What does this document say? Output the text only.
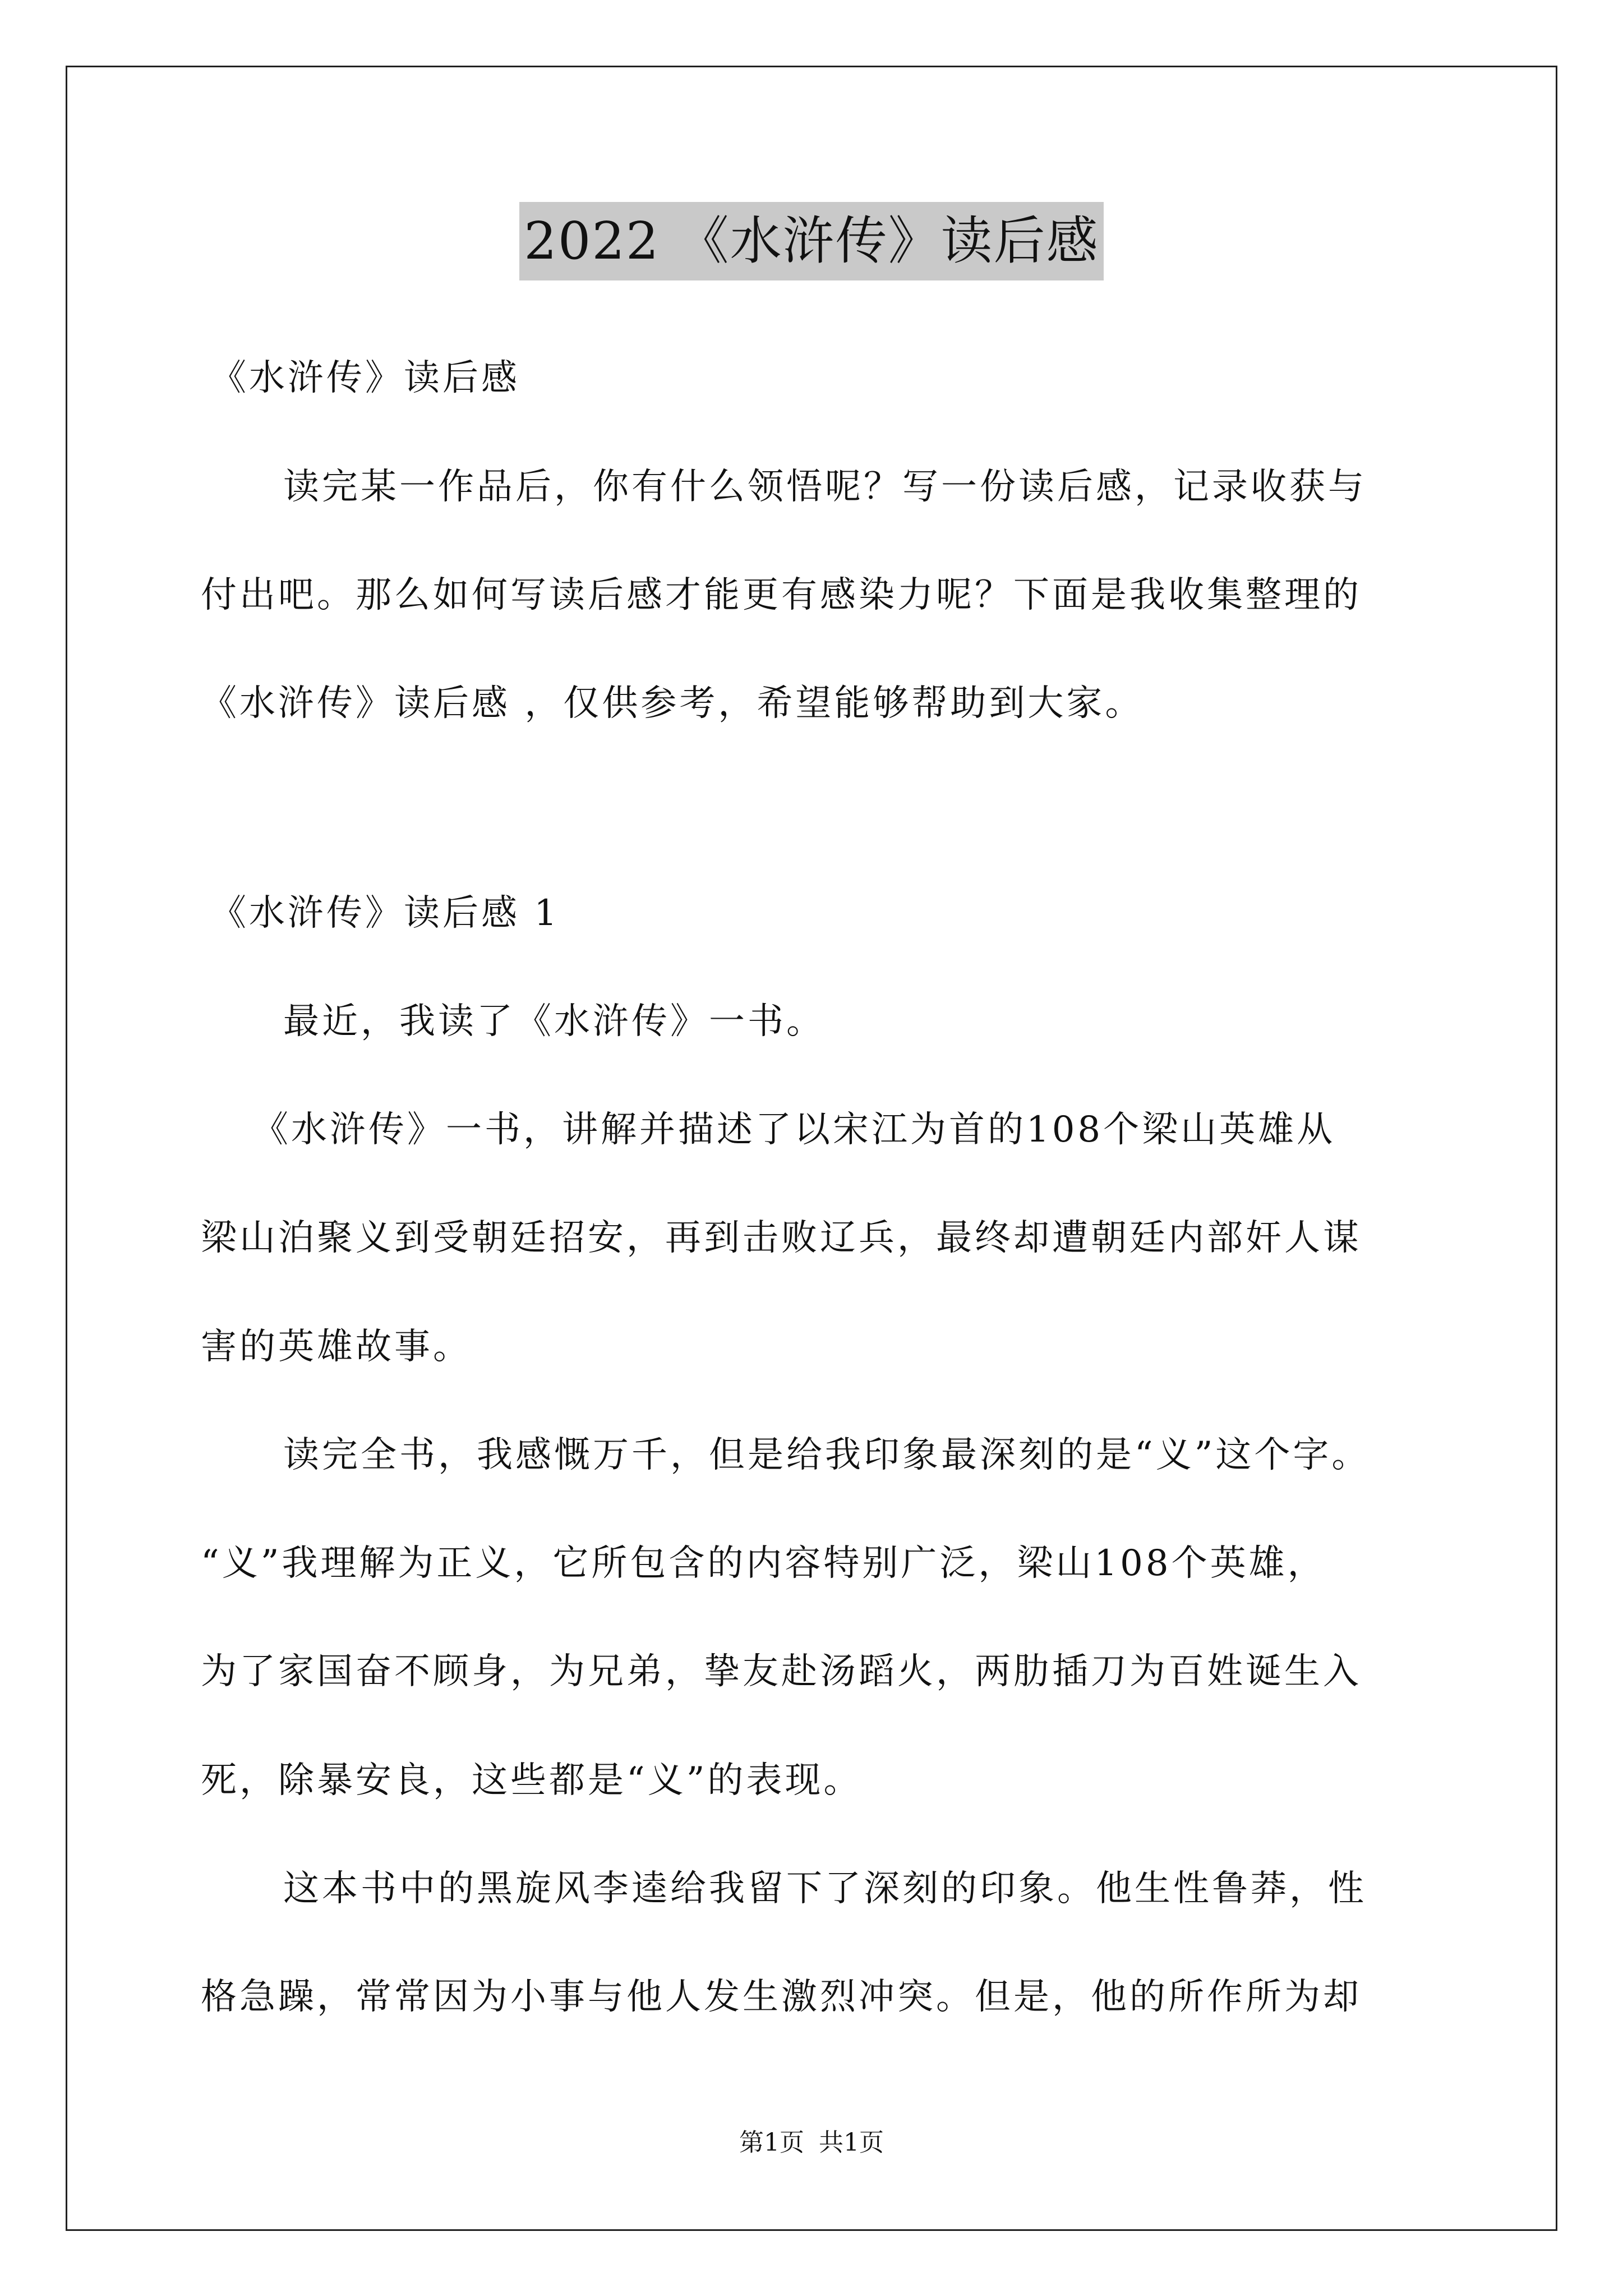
2022 《水浒传》读后感
《水浒传》读后感
读完某一作品后，你有什么领悟呢？写一份读后感，记录收获与
付出吧。那么如何写读后感才能更有感染力呢？下面是我收集整理的
《水浒传》读后感 ，仅供参考，希望能够帮助到大家。
《水浒传》读后感 1
最近，我读了《水浒传》一书。
《水浒传》一书，讲解并描述了以宋江为首的108个梁山英雄从
梁山泊聚义到受朝廷招安，再到击败辽兵，最终却遭朝廷内部奸人谋
害的英雄故事。
读完全书，我感慨万千，但是给我印象最深刻的是“义”这个字。
“义”我理解为正义，它所包含的内容特别广泛，梁山108个英雄，
为了家国奋不顾身，为兄弟，挚友赴汤蹈火，两肋插刀为百姓诞生入
死，除暴安良，这些都是“义”的表现。
这本书中的黑旋风李逵给我留下了深刻的印象。他生性鲁莽，性
格急躁，常常因为小事与他人发生激烈冲突。但是，他的所作所为却
第1页 共1页
